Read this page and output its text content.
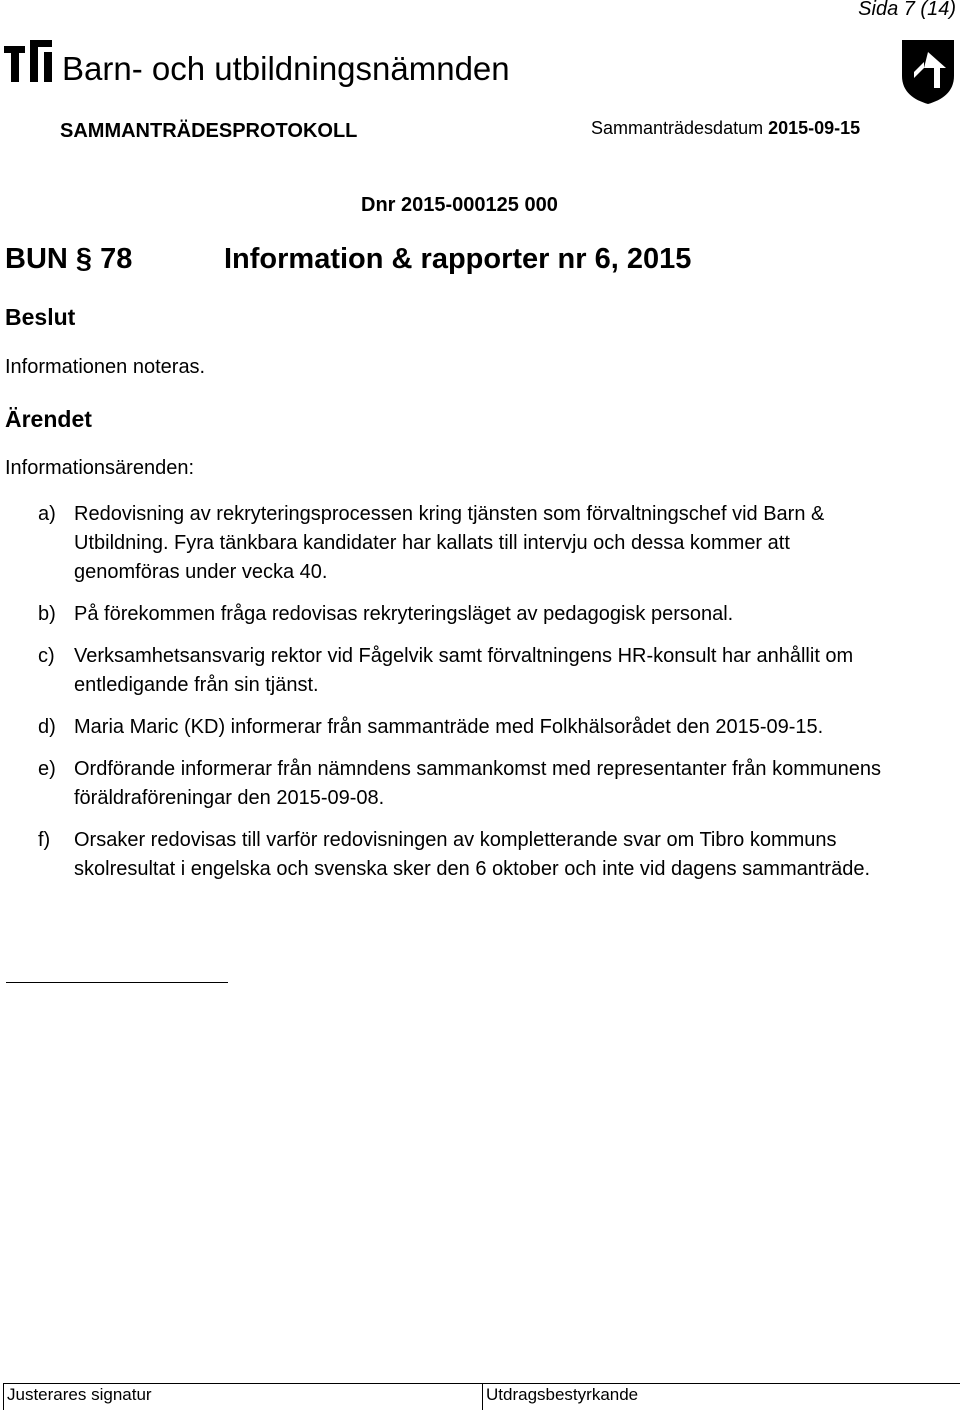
Sida 7 (14)
Barn- och utbildningsnämnden
SAMMANTRÄDESPROTOKOLL	Sammanträdesdatum 2015-09-15
Dnr 2015-000125 000
BUN § 78	Information & rapporter nr 6, 2015
Beslut
Informationen noteras.
Ärendet
Informationsärenden:
a) Redovisning av rekryteringsprocessen kring tjänsten som förvaltningschef vid Barn & Utbildning. Fyra tänkbara kandidater har kallats till intervju och dessa kommer att genomföras under vecka 40.
b) På förekommen fråga redovisas rekryteringsläget av pedagogisk personal.
c) Verksamhetsansvarig rektor vid Fågelvik samt förvaltningens HR-konsult har anhållit om entledigande från sin tjänst.
d) Maria Maric (KD) informerar från sammanträde med Folkhälsorådet den 2015-09-15.
e) Ordförande informerar från nämndens sammankomst med representanter från kommunens föräldraföreningar den 2015-09-08.
f)	Orsaker redovisas till varför redovisningen av kompletterande svar om Tibro kommuns skolresultat i engelska och svenska sker den 6 oktober och inte vid dagens sammanträde.
Justerares signatur	Utdragsbestyrkande
